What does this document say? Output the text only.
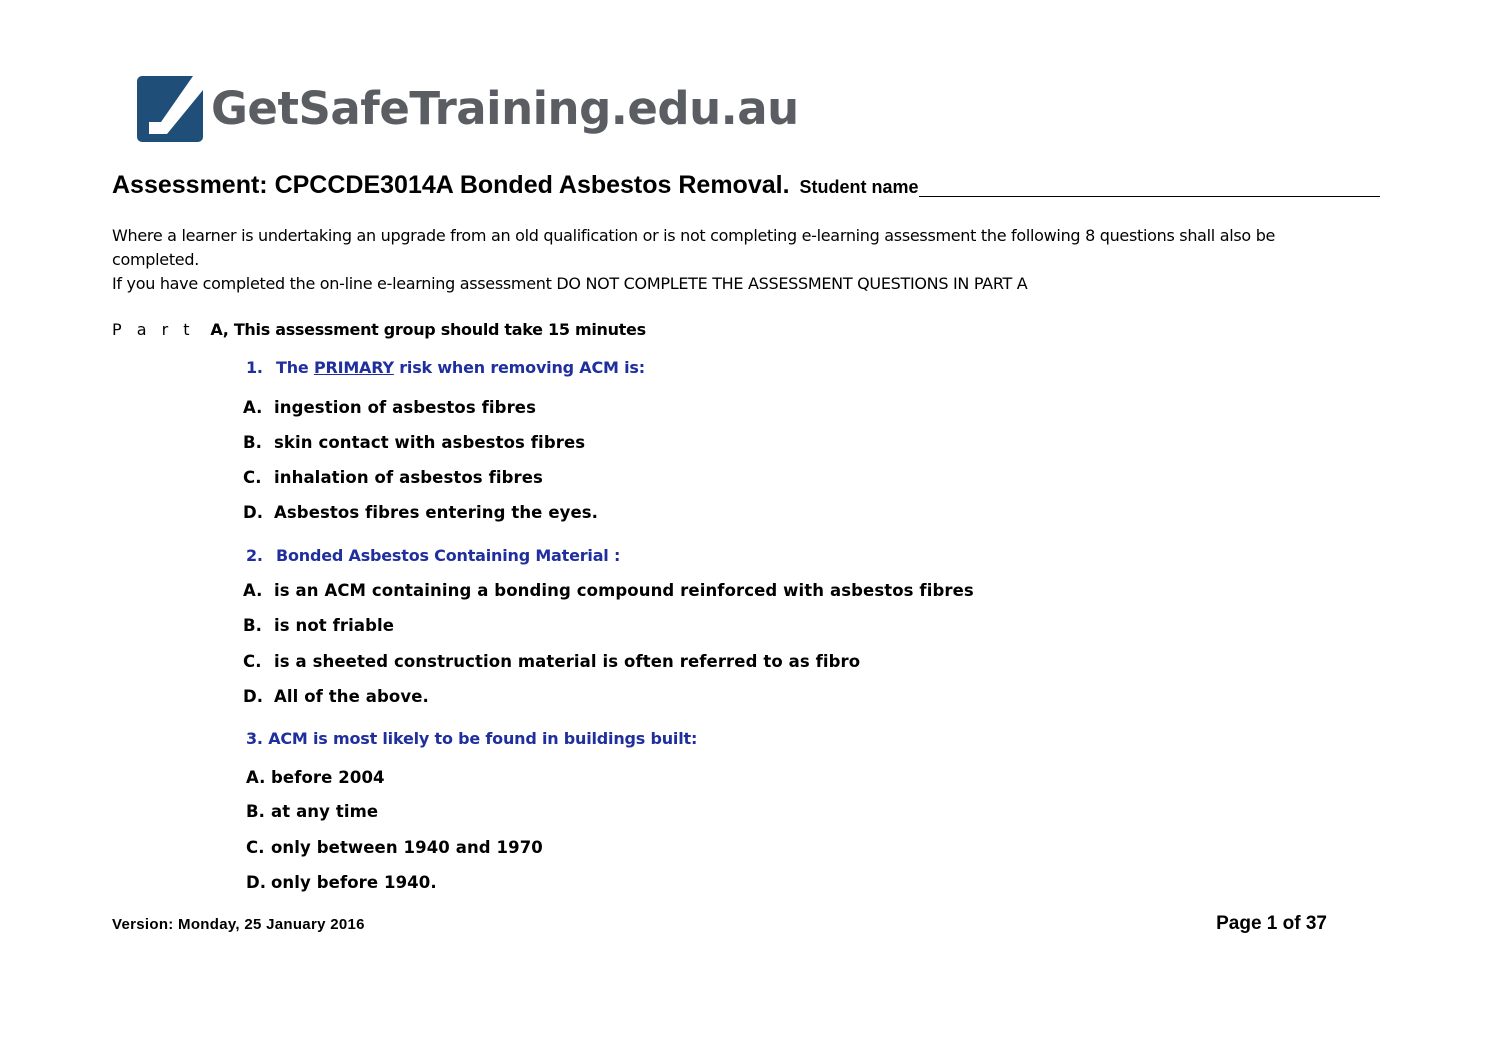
GetSafeTraining.edu.au
Assessment: CPCCDE3014A Bonded Asbestos Removal. Student name

Where a learner is undertaking an upgrade from an old qualification or is not completing e-learning assessment the following 8 questions shall also be completed.

If you have completed the on-line e-learning assessment DO NOT COMPLETE THE ASSESSMENT QUESTIONS IN PART A

P a r t A, This assessment group should take 15 minutes
1. The PRIMARY risk when removing ACM is:
A. ingestion of asbestos fibres
B. skin contact with asbestos fibres
C. inhalation of asbestos fibres
D. Asbestos fibres entering the eyes.
2. Bonded Asbestos Containing Material :
A. is an ACM containing a bonding compound reinforced with asbestos fibres
B. is not friable
C. is a sheeted construction material is often referred to as fibro
D. All of the above.
3. ACM is most likely to be found in buildings built:
A. before 2004
B. at any time
C. only between 1940 and 1970
D. only before 1940.
Version: Monday, 25 January 2016	Page 1 of 37
